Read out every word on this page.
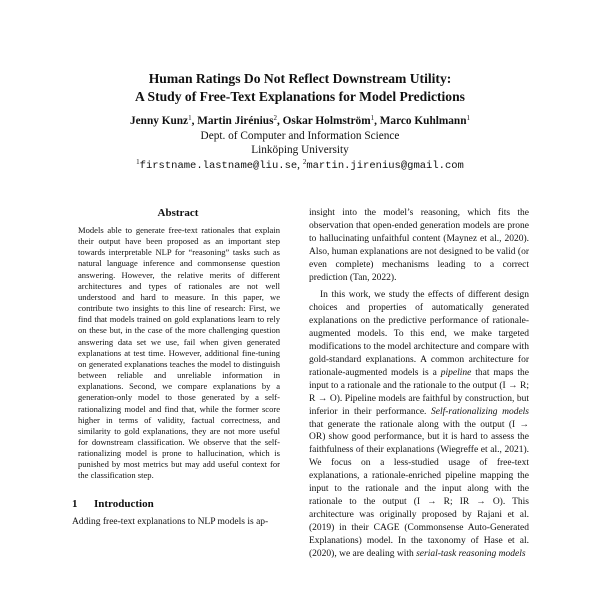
Human Ratings Do Not Reflect Downstream Utility:
A Study of Free-Text Explanations for Model Predictions
Jenny Kunz$^1$, Martin Jirénius$^2$, Oskar Holmström$^1$, Marco Kuhlmann$^1$
Dept. of Computer and Information Science
Linköping University
$^1$firstname.lastname@liu.se, $^2$martin.jirenius@gmail.com
Abstract

Models able to generate free-text rationales that explain their output have been proposed as an important step towards interpretable NLP for “reasoning” tasks such as natural language inference and commonsense question answering. However, the relative merits of different architectures and types of rationales are not well understood and hard to measure. In this paper, we contribute two insights to this line of research: First, we find that models trained on gold explanations learn to rely on these but, in the case of the more challenging question answering data set we use, fail when given generated explanations at test time. However, additional fine-tuning on generated explanations teaches the model to distinguish between reliable and unreliable information in explanations. Second, we compare explanations by a generation-only model to those generated by a self-rationalizing model and find that, while the former score higher in terms of validity, factual correctness, and similarity to gold explanations, they are not more useful for downstream classification. We observe that the self-rationalizing model is prone to hallucination, which is punished by most metrics but may add useful context for the classification step.

1 Introduction

Adding free-text explanations to NLP models is ap-

insight into the model’s reasoning, which fits the observation that open-ended generation models are prone to hallucinating unfaithful content (Maynez et al., 2020). Also, human explanations are not designed to be valid (or even complete) mechanisms leading to a correct prediction (Tan, 2022).

In this work, we study the effects of different design choices and properties of automatically generated explanations on the predictive performance of rationale-augmented models. To this end, we make targeted modifications to the model architecture and compare with gold-standard explanations. A common architecture for rationale-augmented models is a pipeline that maps the input to a rationale and the rationale to the output (I → R; R → O). Pipeline models are faithful by construction, but inferior in their performance. Self-rationalizing models that generate the rationale along with the output (I → OR) show good performance, but it is hard to assess the faithfulness of their explanations (Wiegreffe et al., 2021). We focus on a less-studied usage of free-text explanations, a rationale-enriched pipeline mapping the input to the rationale and the input along with the rationale to the output (I → R; IR → O). This architecture was originally proposed by Rajani et al. (2019) in their CAGE (Commonsense Auto-Generated Explanations) model. In the taxonomy of Hase et al. (2020), we are dealing with serial-task reasoning models
